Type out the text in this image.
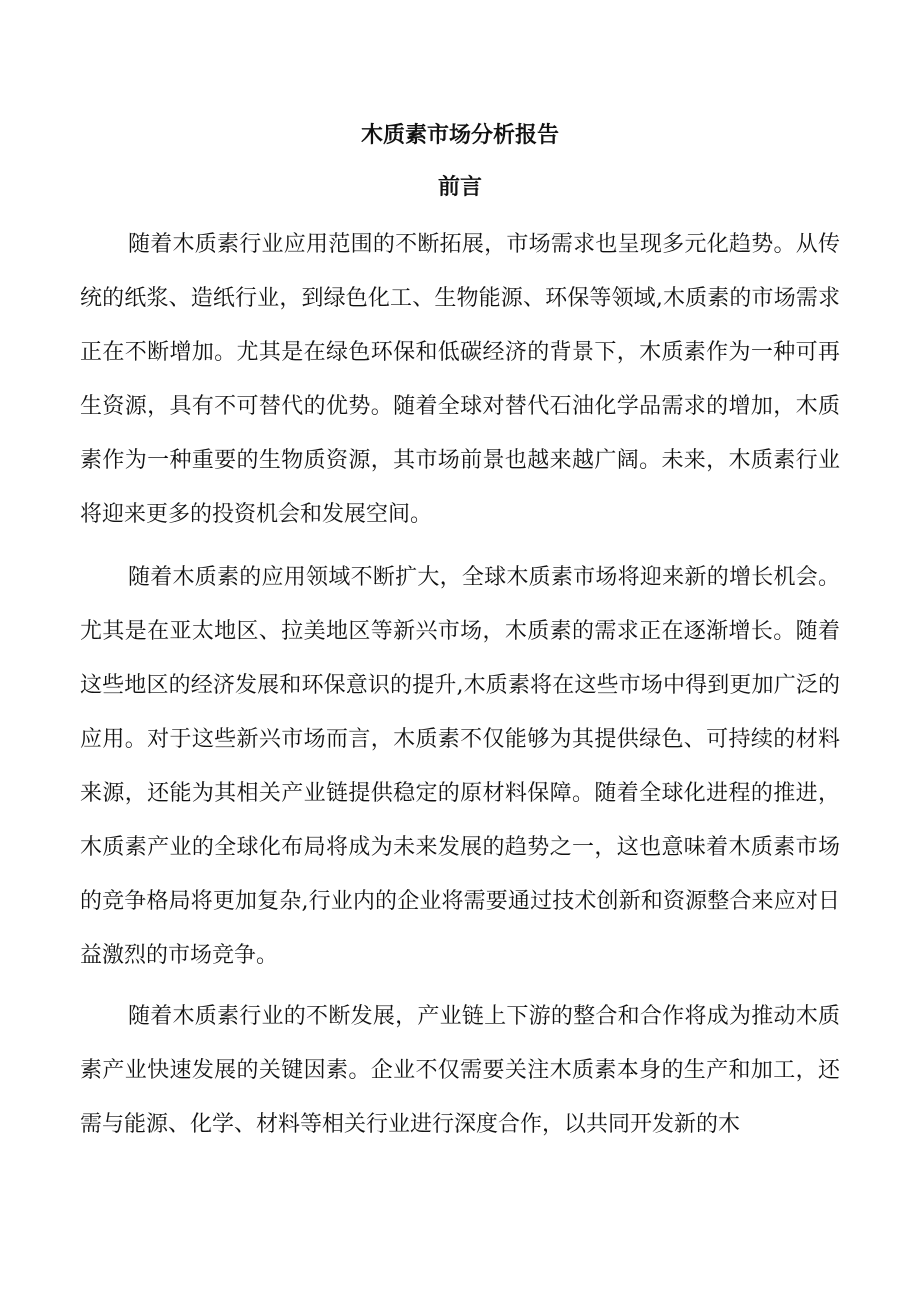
木质素市场分析报告
前言

随着木质素行业应用范围的不断拓展，市场需求也呈现多元化趋势。从传统的纸浆、造纸行业，到绿色化工、生物能源、环保等领域,木质素的市场需求正在不断增加。尤其是在绿色环保和低碳经济的背景下，木质素作为一种可再生资源，具有不可替代的优势。随着全球对替代石油化学品需求的增加，木质素作为一种重要的生物质资源，其市场前景也越来越广阔。未来，木质素行业将迎来更多的投资机会和发展空间。

随着木质素的应用领域不断扩大，全球木质素市场将迎来新的增长机会。尤其是在亚太地区、拉美地区等新兴市场，木质素的需求正在逐渐增长。随着这些地区的经济发展和环保意识的提升,木质素将在这些市场中得到更加广泛的应用。对于这些新兴市场而言，木质素不仅能够为其提供绿色、可持续的材料来源，还能为其相关产业链提供稳定的原材料保障。随着全球化进程的推进，木质素产业的全球化布局将成为未来发展的趋势之一，这也意味着木质素市场的竞争格局将更加复杂,行业内的企业将需要通过技术创新和资源整合来应对日益激烈的市场竞争。

随着木质素行业的不断发展，产业链上下游的整合和合作将成为推动木质素产业快速发展的关键因素。企业不仅需要关注木质素本身的生产和加工，还需与能源、化学、材料等相关行业进行深度合作，以共同开发新的木
